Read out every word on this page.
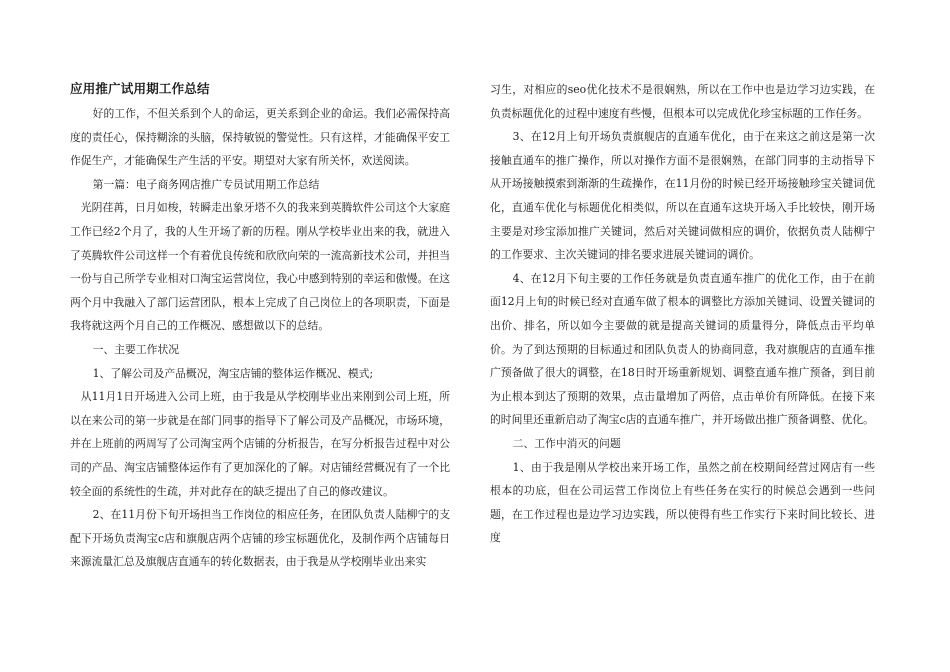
应用推广试用期工作总结

好的工作，不但关系到个人的命运，更关系到企业的命运。我们必需保持高度的责任心，保持糊涂的头脑，保持敏锐的警觉性。只有这样，才能确保平安工作促生产，才能确保生产生活的平安。期望对大家有所关怀，欢送阅读。

第一篇：电子商务网店推广专员试用期工作总结

光阴荏苒，日月如梭，转瞬走出象牙塔不久的我来到英腾软件公司这个大家庭工作已经2个月了，我的人生开场了新的历程。刚从学校毕业出来的我，就进入了英腾软件公司这样一个有着优良传统和欣欣向荣的一流高新技术公司，并担当一份与自己所学专业相对口淘宝运营岗位，我心中感到特别的幸运和傲慢。在这两个月中我融入了部门运营团队，根本上完成了自己岗位上的各项职责，下面是我将就这两个月自己的工作概况、感想做以下的总结。

一、主要工作状况

1、了解公司及产品概况，淘宝店铺的整体运作概况、模式;

从11月1日开场进入公司上班，由于我是从学校刚毕业出来刚到公司上班，所以在来公司的第一步就是在部门同事的指导下了解公司及产品概况，市场环境，并在上班前的两周写了公司淘宝两个店铺的分析报告，在写分析报告过程中对公司的产品、淘宝店铺整体运作有了更加深化的了解。对店铺经营概况有了一个比较全面的系统性的生疏，并对此存在的缺乏提出了自己的修改建议。

2、在11月份下旬开场担当工作岗位的相应任务，在团队负责人陆柳宁的支配下开场负责淘宝c店和旗舰店两个店铺的珍宝标题优化，及制作两个店铺每日来源流量汇总及旗舰店直通车的转化数据表，由于我是从学校刚毕业出来实

习生，对相应的seo优化技术不是很娴熟，所以在工作中也是边学习边实践，在负责标题优化的过程中速度有些慢，但根本可以完成优化珍宝标题的工作任务。

3、在12月上旬开场负责旗舰店的直通车优化，由于在来这之前这是第一次接触直通车的推广操作，所以对操作方面不是很娴熟，在部门同事的主动指导下从开场接触摸索到渐渐的生疏操作，在11月份的时候已经开场接触珍宝关键词优化，直通车优化与标题优化相类似，所以在直通车这块开场入手比较快，刚开场主要是对珍宝添加推广关键词，然后对关键词做相应的调价，依据负责人陆柳宁的工作要求、主次关键词的排名要求进展关键词的调价。

4、在12月下旬主要的工作任务就是负责直通车推广的优化工作，由于在前面12月上旬的时候已经对直通车做了根本的调整比方添加关键词、设置关键词的出价、排名，所以如今主要做的就是提高关键词的质量得分，降低点击平均单价。为了到达预期的目标通过和团队负责人的协商同意，我对旗舰店的直通车推广预备做了很大的调整，在18日时开场重新规划、调整直通车推广预备，到目前为止根本到达了预期的效果，点击量增加了两倍，点击单价有所降低。在接下来的时间里还重新启动了淘宝c店的直通车推广，并开场做出推广预备调整、优化。

二、工作中消灭的问题

1、由于我是刚从学校出来开场工作，虽然之前在校期间经营过网店有一些根本的功底，但在公司运营工作岗位上有些任务在实行的时候总会遇到一些问题，在工作过程也是边学习边实践，所以使得有些工作实行下来时间比较长、进度
